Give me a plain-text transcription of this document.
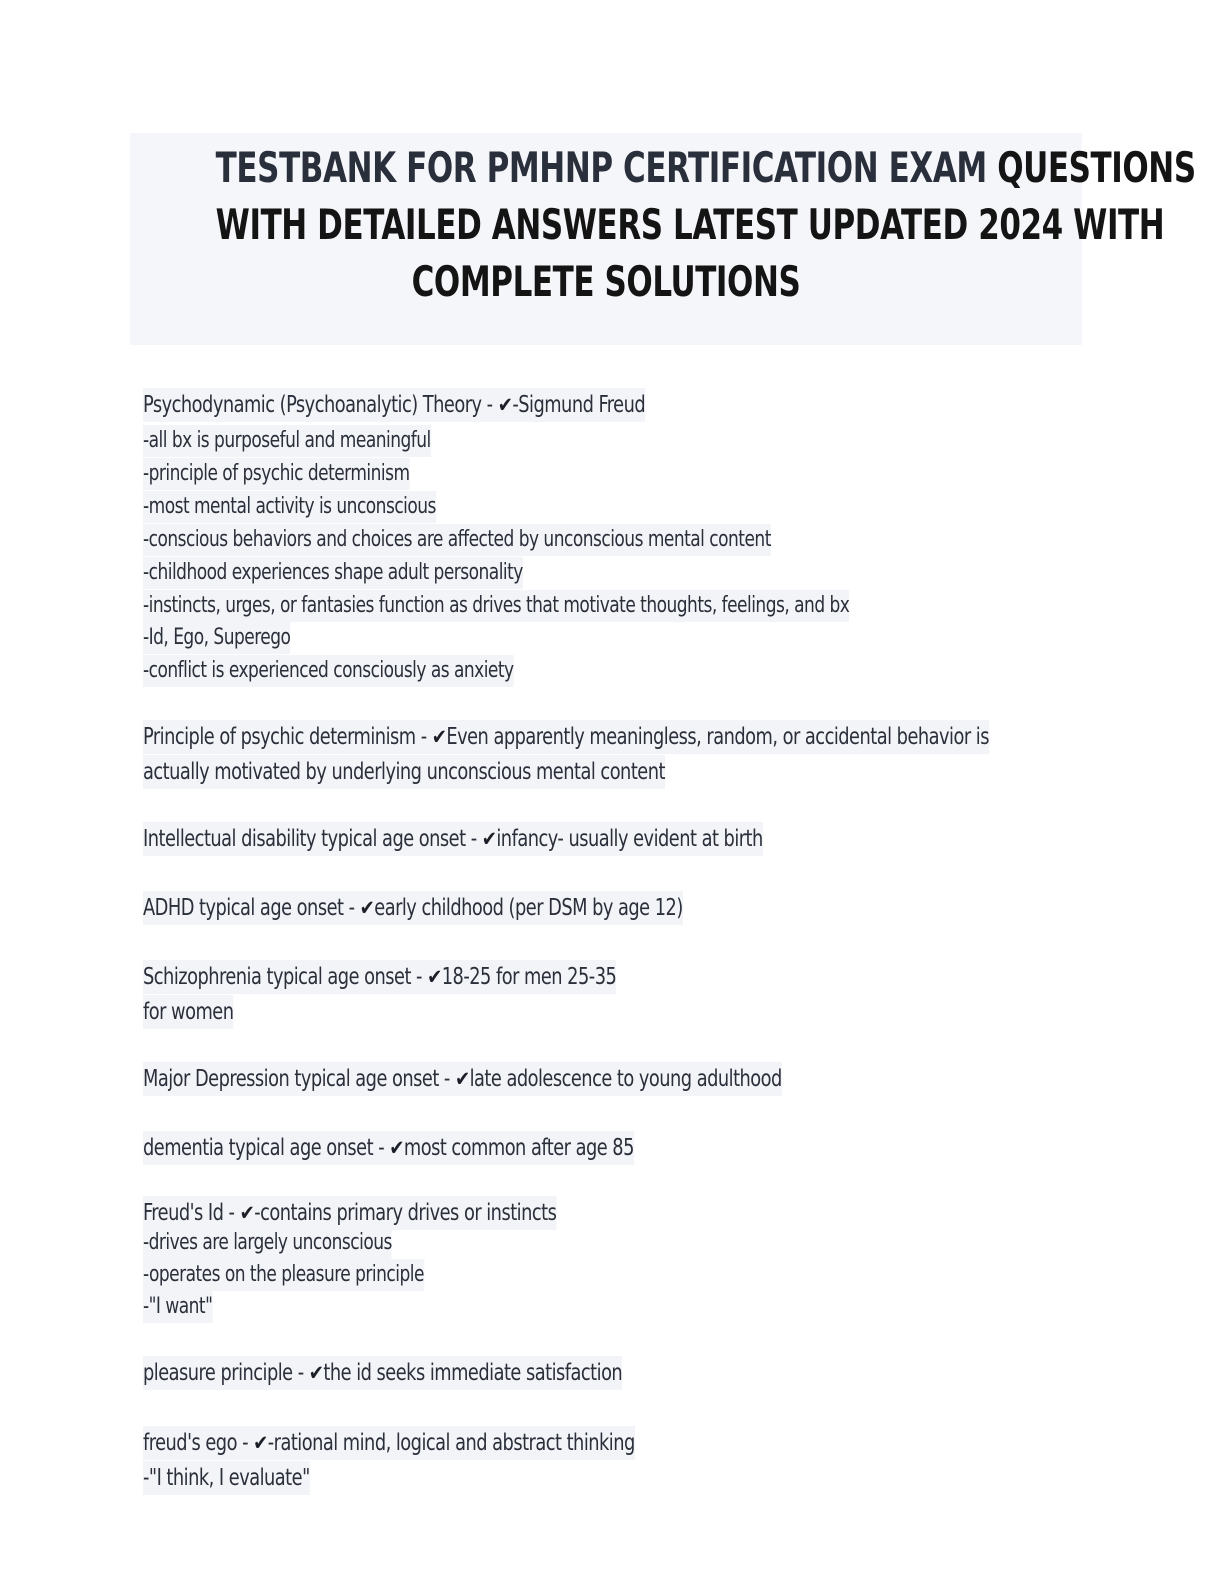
TESTBANK FOR PMHNP CERTIFICATION EXAM QUESTIONS
WITH DETAILED ANSWERS LATEST UPDATED 2024 WITH
COMPLETE SOLUTIONS
Psychodynamic (Psychoanalytic) Theory - ✔-Sigmund Freud
-all bx is purposeful and meaningful
-principle of psychic determinism
-most mental activity is unconscious
-conscious behaviors and choices are affected by unconscious mental content
-childhood experiences shape adult personality
-instincts, urges, or fantasies function as drives that motivate thoughts, feelings, and bx
-Id, Ego, Superego
-conflict is experienced consciously as anxiety
Principle of psychic determinism - ✔Even apparently meaningless, random, or accidental behavior is
actually motivated by underlying unconscious mental content
Intellectual disability typical age onset - ✔infancy- usually evident at birth
ADHD typical age onset - ✔early childhood (per DSM by age 12)
Schizophrenia typical age onset - ✔18-25 for men 25-35
for women
Major Depression typical age onset - ✔late adolescence to young adulthood
dementia typical age onset - ✔most common after age 85
Freud's Id - ✔-contains primary drives or instincts
-drives are largely unconscious
-operates on the pleasure principle
-"I want"
pleasure principle - ✔the id seeks immediate satisfaction
freud's ego - ✔-rational mind, logical and abstract thinking
-"I think, I evaluate"
